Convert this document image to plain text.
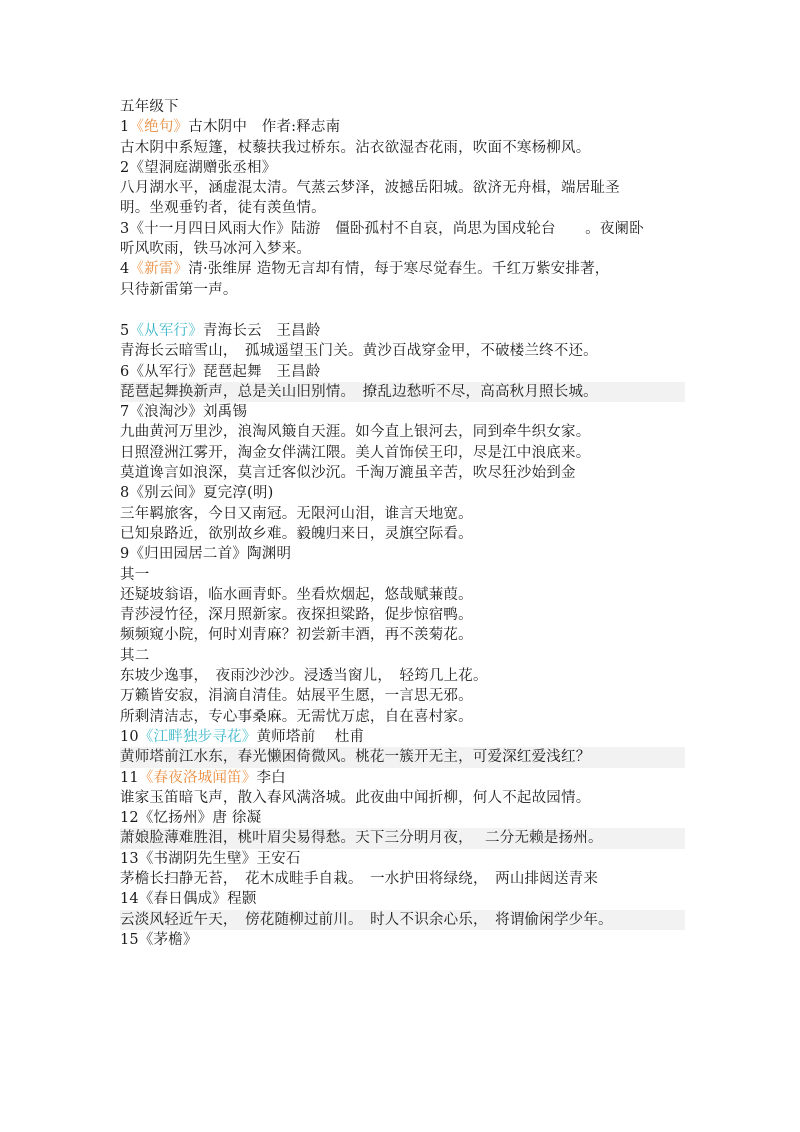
五年级下
1《绝句》古木阴中　作者:释志南
古木阴中系短篷，杖藜扶我过桥东。沾衣欲湿杏花雨，吹面不寒杨柳风。
2《望洞庭湖赠张丞相》
八月湖水平，涵虚混太清。气蒸云梦泽，波撼岳阳城。欲济无舟楫，端居耻圣
明。坐观垂钓者，徒有羡鱼情。
3《十一月四日风雨大作》陆游　僵卧孤村不自哀，尚思为国戍轮台　　。夜阑卧
听风吹雨，铁马冰河入梦来。
4《新雷》清·张维屏 造物无言却有情，每于寒尽觉春生。千红万紫安排著，
只待新雷第一声。
5《从军行》青海长云　王昌龄
青海长云暗雪山，　孤城遥望玉门关。黄沙百战穿金甲，不破楼兰终不还。
6《从军行》琵琶起舞　王昌龄
琵琶起舞换新声，总是关山旧别情。　撩乱边愁听不尽，高高秋月照长城。
7《浪淘沙》刘禹锡
九曲黄河万里沙，浪淘风簸自天涯。如今直上银河去，同到牵牛织女家。
日照澄洲江雾开，淘金女伴满江隈。美人首饰侯王印，尽是江中浪底来。
莫道谗言如浪深，莫言迁客似沙沉。千淘万漉虽辛苦，吹尽狂沙始到金
8《别云间》夏完淳(明)
三年羁旅客，今日又南冠。无限河山泪，谁言天地宽。
已知泉路近，欲别故乡难。毅魄归来日，灵旗空际看。
9《归田园居二首》陶渊明
其一
还疑坡翁语，临水画青虾。坐看炊烟起，悠哉赋蒹葭。
青莎浸竹径，深月照新家。夜探担粱路，促步惊宿鸭。
频频窥小院，何时刈青麻？初尝新丰酒，再不羡菊花。
其二
东坡少逸事，　夜雨沙沙沙。浸透当窗儿，　轻筠几上花。
万籁皆安寂，涓滴自清佳。姑展平生愿，一言思无邪。
所剩清洁志，专心事桑麻。无需忧万虑，自在喜村家。
10《江畔独步寻花》黄师塔前　 杜甫
黄师塔前江水东，春光懒困倚微风。桃花一簇开无主，可爱深红爱浅红？
11《春夜洛城闻笛》李白
谁家玉笛暗飞声，散入春风满洛城。此夜曲中闻折柳，何人不起故园情。
12《忆扬州》唐 徐凝
萧娘脸薄难胜泪，桃叶眉尖易得愁。天下三分明月夜，　 二分无赖是扬州。
13《书湖阴先生壁》王安石
茅檐长扫静无苔，　花木成畦手自栽。　一水护田将绿绕，　两山排闼送青来
14《春日偶成》程颢
云淡风轻近午天，　傍花随柳过前川。　时人不识余心乐，　将谓偷闲学少年。
15《茅檐》
